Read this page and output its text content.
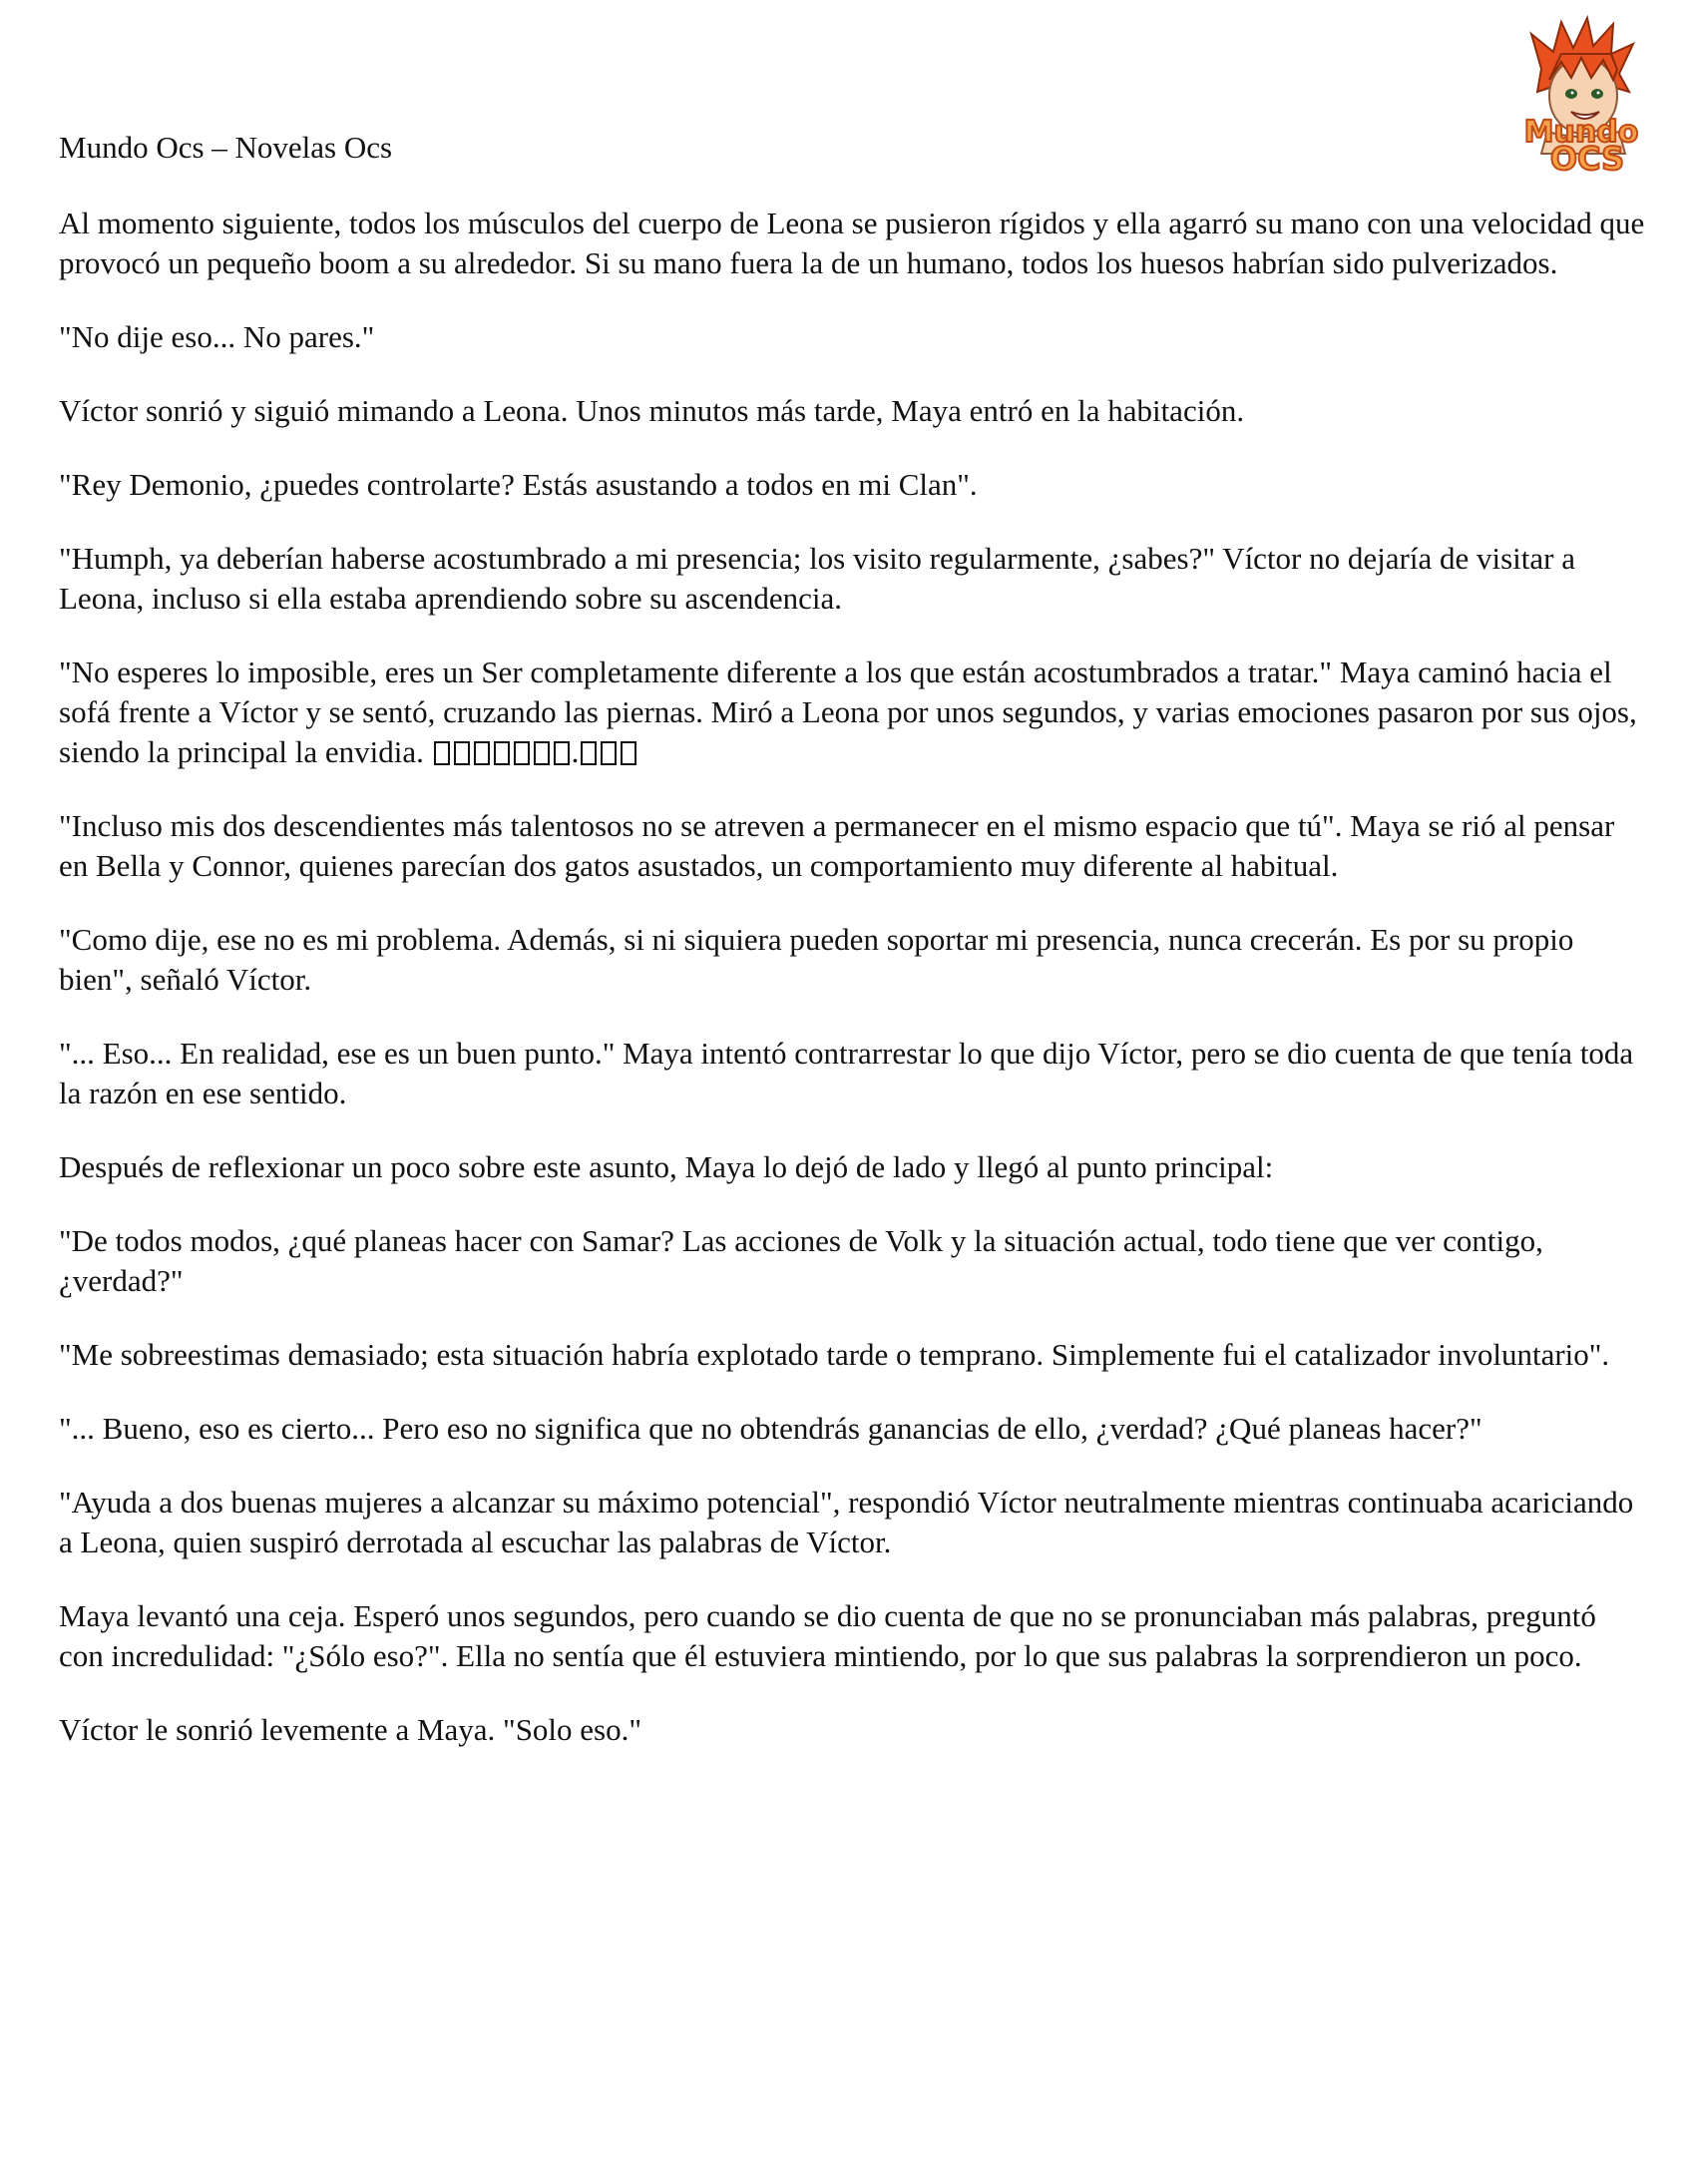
Mundo Ocs – Novelas Ocs	Mundo
OCS

Al momento siguiente, todos los músculos del cuerpo de Leona se pusieron rígidos y ella agarró su mano con una velocidad que provocó un pequeño boom a su alrededor. Si su mano fuera la de un humano, todos los huesos habrían sido pulverizados.

"No dije eso... No pares."

Víctor sonrió y siguió mimando a Leona. Unos minutos más tarde, Maya entró en la habitación.

"Rey Demonio, ¿puedes controlarte? Estás asustando a todos en mi Clan".

"Humph, ya deberían haberse acostumbrado a mi presencia; los visito regularmente, ¿sabes?" Víctor no dejaría de visitar a Leona, incluso si ella estaba aprendiendo sobre su ascendencia.

"No esperes lo imposible, eres un Ser completamente diferente a los que están acostumbrados a tratar." Maya caminó hacia el sofá frente a Víctor y se sentó, cruzando las piernas. Miró a Leona por unos segundos, y varias emociones pasaron por sus ojos, siendo la principal la envidia.	.

"Incluso mis dos descendientes más talentosos no se atreven a permanecer en el mismo espacio que tú". Maya se rió al pensar en Bella y Connor, quienes parecían dos gatos asustados, un comportamiento muy diferente al habitual.

"Como dije, ese no es mi problema. Además, si ni siquiera pueden soportar mi presencia, nunca crecerán. Es por su propio bien", señaló Víctor.

"... Eso... En realidad, ese es un buen punto." Maya intentó contrarrestar lo que dijo Víctor, pero se dio cuenta de que tenía toda la razón en ese sentido.

Después de reflexionar un poco sobre este asunto, Maya lo dejó de lado y llegó al punto principal:

"De todos modos, ¿qué planeas hacer con Samar? Las acciones de Volk y la situación actual, todo tiene que ver contigo, ¿verdad?"

"Me sobreestimas demasiado; esta situación habría explotado tarde o temprano. Simplemente fui el catalizador involuntario".

"... Bueno, eso es cierto... Pero eso no significa que no obtendrás ganancias de ello, ¿verdad? ¿Qué planeas hacer?"

"Ayuda a dos buenas mujeres a alcanzar su máximo potencial", respondió Víctor neutralmente mientras continuaba acariciando a Leona, quien suspiró derrotada al escuchar las palabras de Víctor.

Maya levantó una ceja. Esperó unos segundos, pero cuando se dio cuenta de que no se pronunciaban más palabras, preguntó con incredulidad: "¿Sólo eso?". Ella no sentía que él estuviera mintiendo, por lo que sus palabras la sorprendieron un poco.

Víctor le sonrió levemente a Maya. "Solo eso."
